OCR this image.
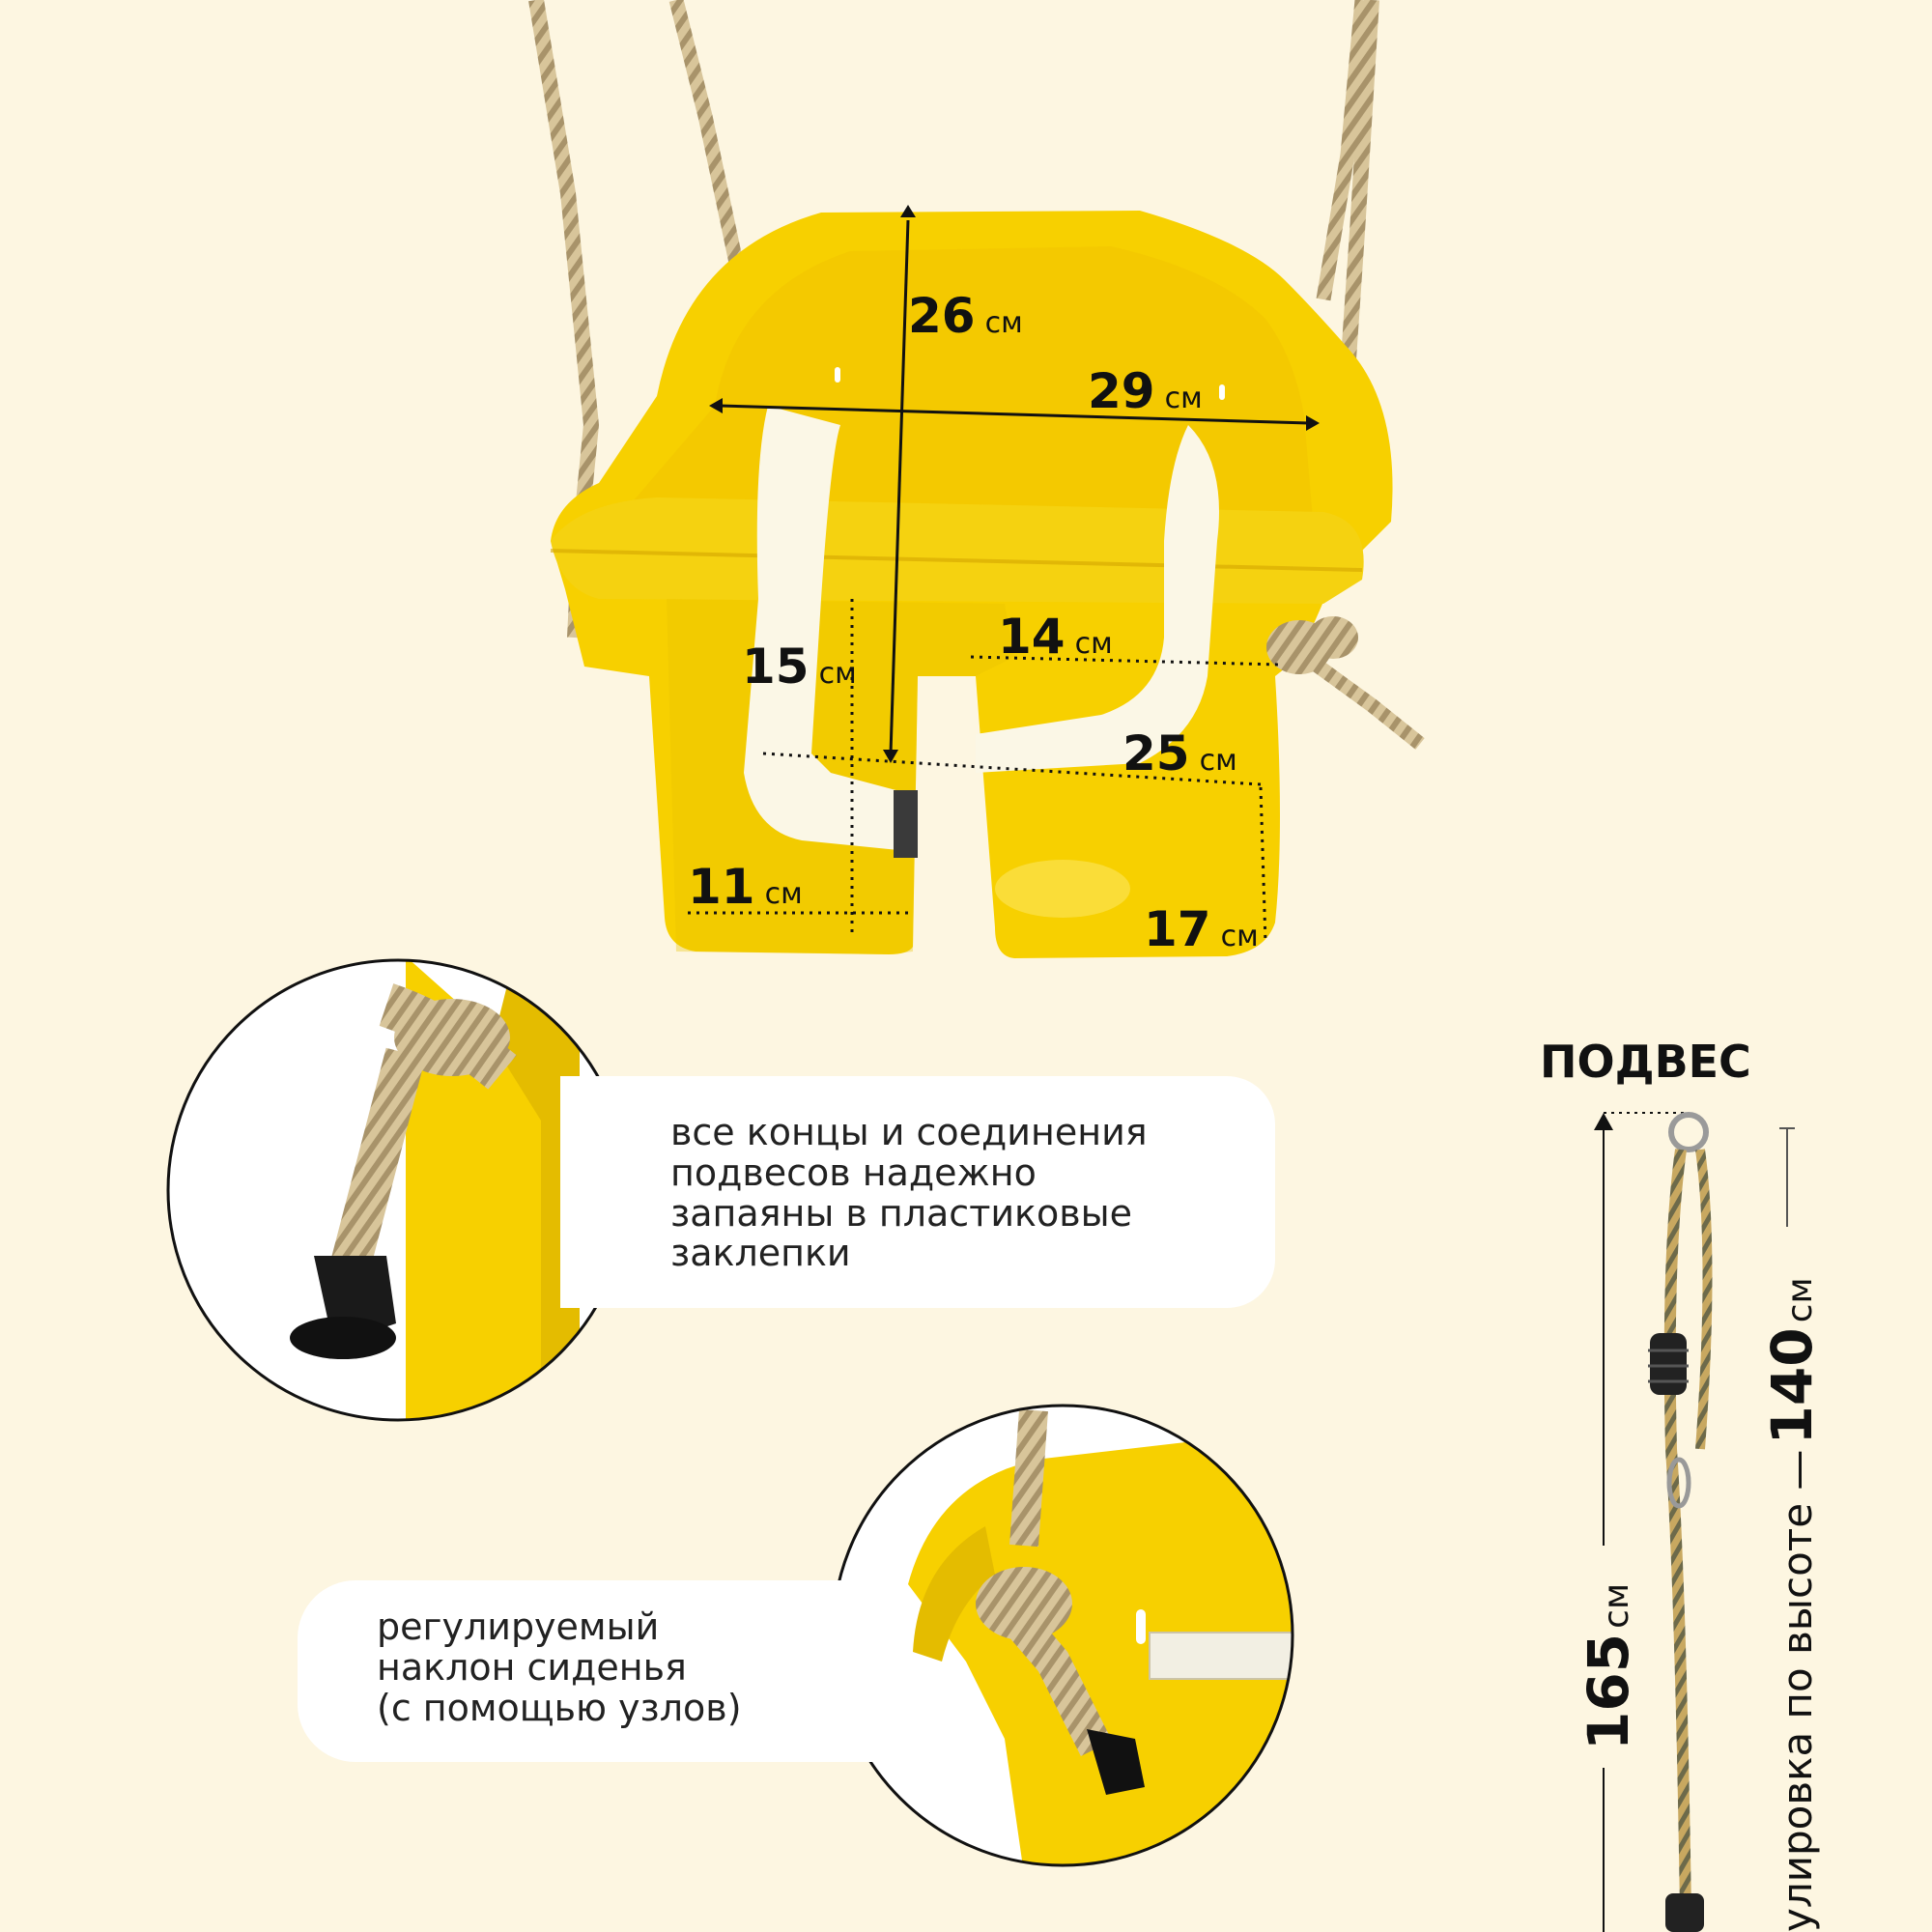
26 см
29 см
15 см
14 см
25 см
11 см
17 см
все концы и соединения
подвесов надежно
запаяны в пластиковые
заклепки
регулируемый
наклон сиденья
(с помощью узлов)
ПОДВЕС
165 см	улировка по высоте — 140 см
